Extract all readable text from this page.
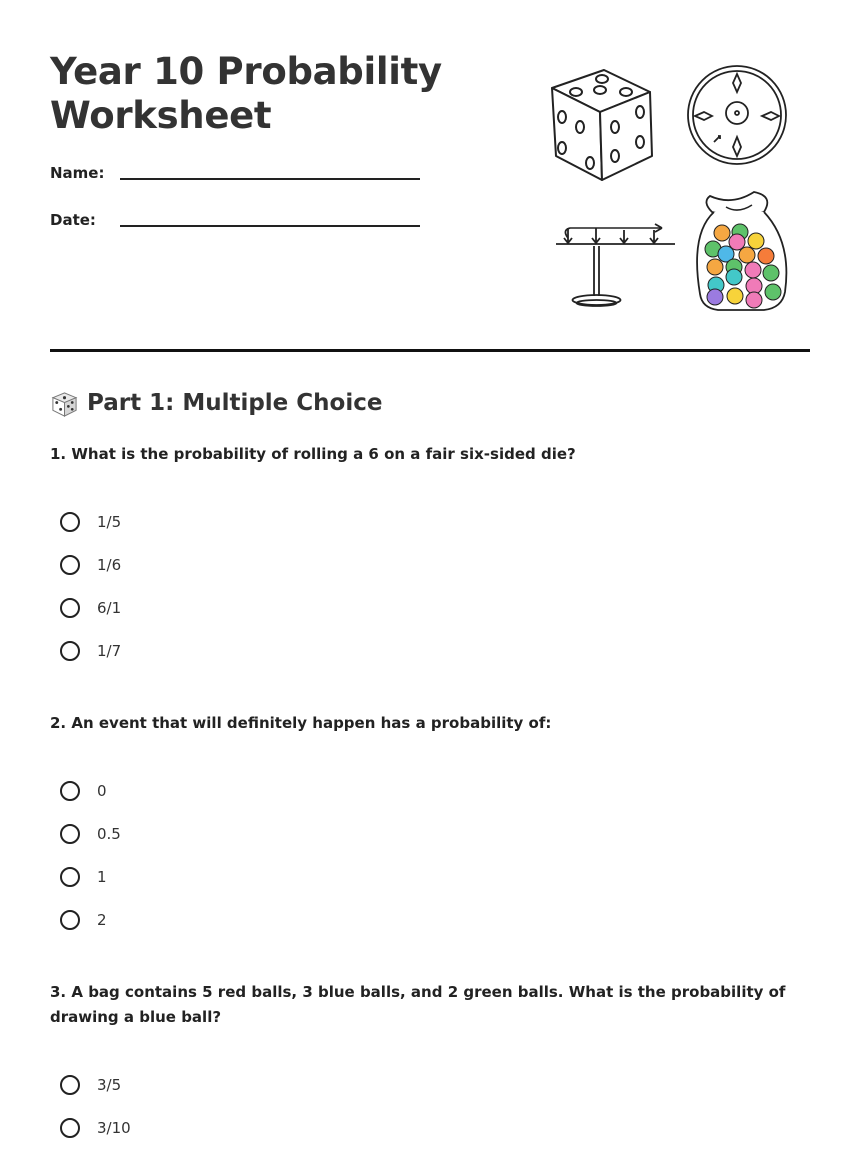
Year 10 Probability Worksheet
Name:
Date:
Part 1: Multiple Choice

1. What is the probability of rolling a 6 on a fair six-sided die?

1/5
1/6
6/1
1/7

2. An event that will definitely happen has a probability of:

0
0.5
1
2

3. A bag contains 5 red balls, 3 blue balls, and 2 green balls. What is the probability of drawing a blue ball?

3/5
3/10
